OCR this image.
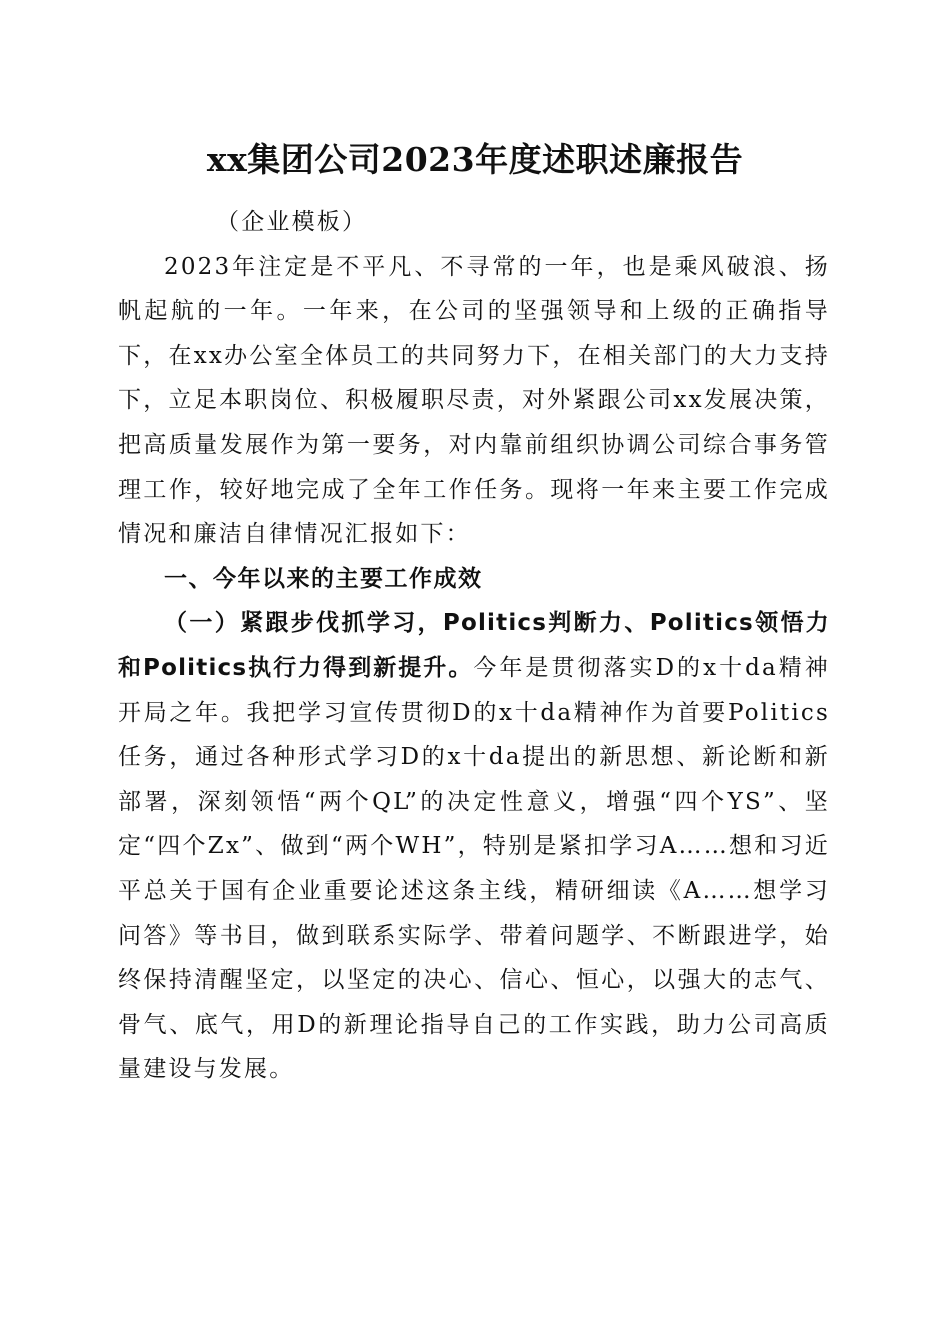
xx集团公司2023年度述职述廉报告

（企业模板）

2023年注定是不平凡、不寻常的一年，也是乘风破浪、扬帆起航的一年。一年来，在公司的坚强领导和上级的正确指导下，在xx办公室全体员工的共同努力下，在相关部门的大力支持下，立足本职岗位、积极履职尽责，对外紧跟公司xx发展决策，把高质量发展作为第一要务，对内靠前组织协调公司综合事务管理工作，较好地完成了全年工作任务。现将一年来主要工作完成情况和廉洁自律情况汇报如下：

一、今年以来的主要工作成效

（一）紧跟步伐抓学习，Politics判断力、Politics领悟力和Politics执行力得到新提升。今年是贯彻落实D的x十da精神开局之年。我把学习宣传贯彻D的x十da精神作为首要Politics任务，通过各种形式学习D的x十da提出的新思想、新论断和新部署，深刻领悟“两个QL”的决定性意义，增强“四个YS”、坚定“四个Zx”、做到“两个WH”，特别是紧扣学习A……想和习近平总关于国有企业重要论述这条主线，精研细读《A……想学习问答》等书目，做到联系实际学、带着问题学、不断跟进学，始终保持清醒坚定，以坚定的决心、信心、恒心，以强大的志气、骨气、底气，用D的新理论指导自己的工作实践，助力公司高质量建设与发展。
